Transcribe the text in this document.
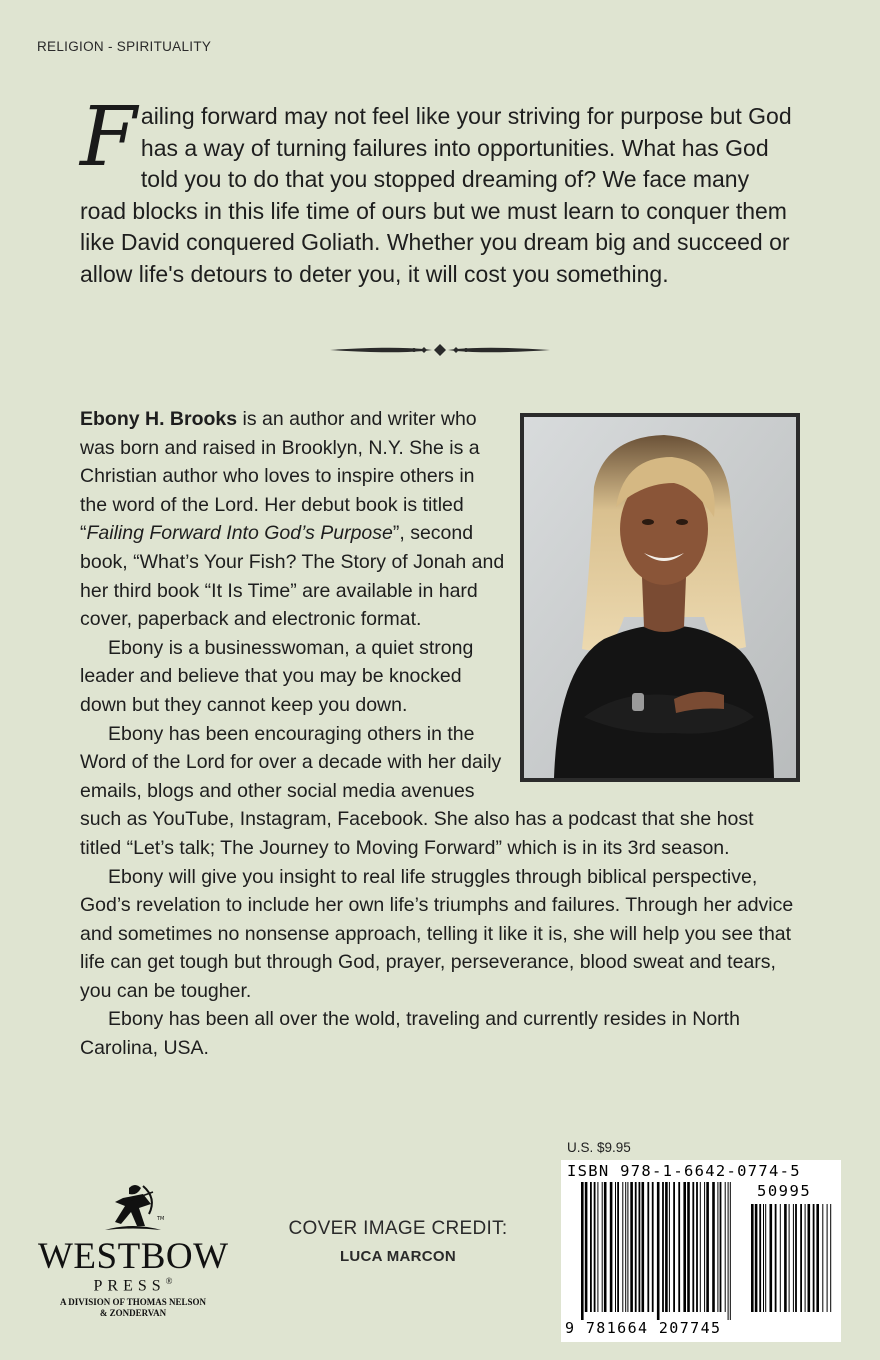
RELIGION - SPIRITUALITY

Failing forward may not feel like your striving for purpose but God has a way of turning failures into opportunities. What has God told you to do that you stopped dreaming of? We face many road blocks in this life time of ours but we must learn to conquer them like David conquered Goliath. Whether you dream big and succeed or allow life's detours to deter you, it will cost you something.

Ebony H. Brooks is an author and writer who was born and raised in Brooklyn, N.Y. She is a Christian author who loves to inspire others in the word of the Lord. Her debut book is titled “Failing Forward Into God’s Purpose”, second book, “What’s Your Fish? The Story of Jonah and her third book “It Is Time” are available in hard cover, paperback and electronic format.

Ebony is a businesswoman, a quiet strong leader and believe that you may be knocked down but they cannot keep you down.

Ebony has been encouraging others in the Word of the Lord for over a decade with her daily emails, blogs and other social media avenues such as YouTube, Instagram, Facebook. She also has a podcast that she host titled “Let’s talk; The Journey to Moving Forward” which is in its 3rd season.

Ebony will give you insight to real life struggles through biblical perspective, God’s revelation to include her own life’s triumphs and failures. Through her advice and sometimes no nonsense approach, telling it like it is, she will help you see that life can get tough but through God, prayer, perseverance, blood sweat and tears, you can be tougher.

Ebony has been all over the wold, traveling and currently resides in North Carolina, USA.

TM
WESTBOW
PRESS®
A DIVISION OF THOMAS NELSON
& ZONDERVAN
COVER IMAGE CREDIT:
LUCA MARCON
U.S. $9.95
ISBN 978-1-6642-0774-5
50995
9 781664 207745
